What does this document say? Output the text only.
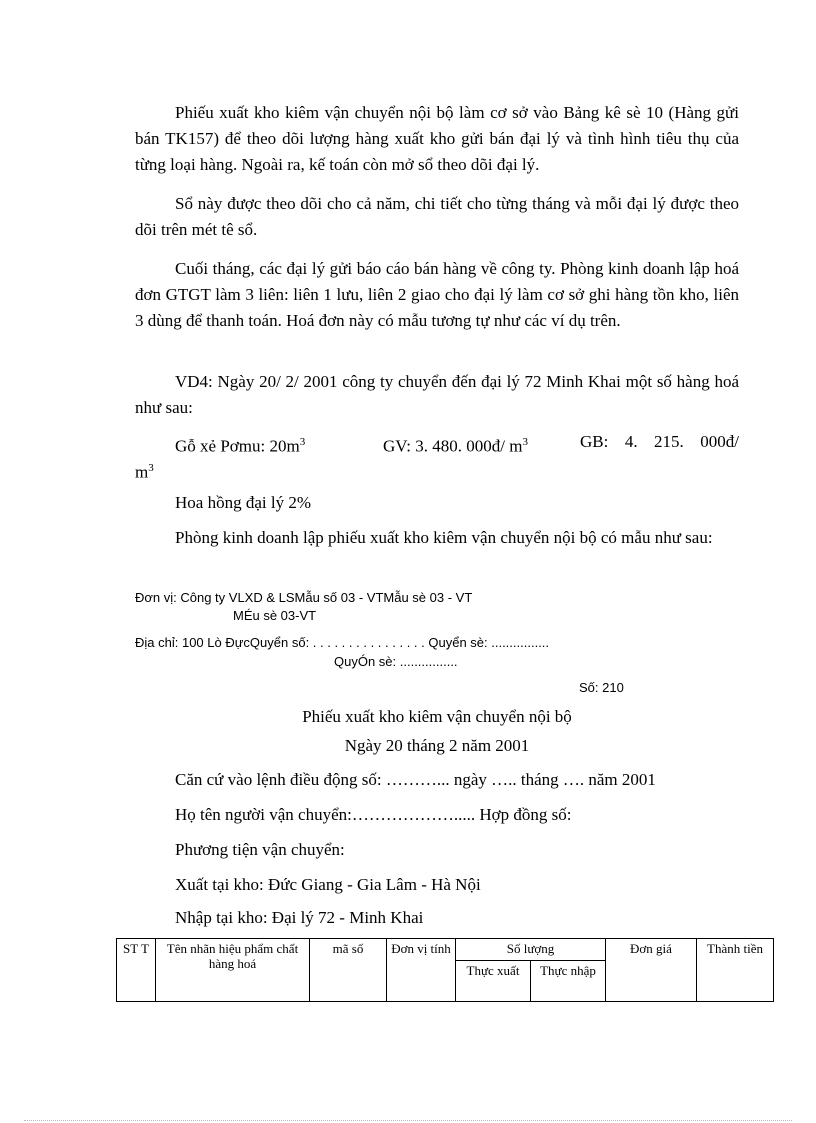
Phiếu xuất kho kiêm vận chuyển nội bộ làm cơ sở vào Bảng kê sè 10 (Hàng gửi bán TK157) để theo dõi lượng hàng xuất kho gửi bán đại lý và tình hình tiêu thụ của từng loại hàng. Ngoài ra, kế toán còn mở sổ theo dõi đại lý.
Sổ này được theo dõi cho cả năm, chi tiết cho từng tháng và mỗi đại lý được theo dõi trên mét tê sổ.
Cuối tháng, các đại lý gửi báo cáo bán hàng về công ty. Phòng kinh doanh lập hoá đơn GTGT làm 3 liên: liên 1 lưu, liên 2 giao cho đại lý làm cơ sở ghi hàng tồn kho, liên 3 dùng để thanh toán. Hoá đơn này có mẫu tương tự như các ví dụ trên.
VD4: Ngày 20/ 2/ 2001 công ty chuyển đến đại lý 72 Minh Khai một số hàng hoá như sau:
Gỗ xẻ Pơmu: $20m^3$	GV: 3. 480. 000đ/ $m^3$	GB: 4. 215. 000đ/
$m^3$
Hoa hồng đại lý 2%
Phòng kinh doanh lập phiếu xuất kho kiêm vận chuyển nội bộ có mẫu như sau:
Đơn vị: Công ty VLXD & LSMẫu số 03 - VTMẫu sè 03 - VT
MÉu sè 03-VT
Địa chỉ: 100 Lò ĐựcQuyển số: . . . . . . . . . . . . . . . . Quyển sè: ................
QuyÓn sè: ................
Số: 210
Phiếu xuất kho kiêm vận chuyển nội bộ
Ngày 20 tháng 2 năm 2001
Căn cứ vào lệnh điều động số: ………... ngày ….. tháng …. năm 2001
Họ tên người vận chuyển:………………..... Hợp đồng số:
Phương tiện vận chuyển:
Xuất tại kho: Đức Giang - Gia Lâm - Hà Nội
Nhập tại kho: Đại lý 72 - Minh Khai
ST T	Tên nhãn hiệu phẩm chất hàng hoá	mã số	Đơn vị tính	Số lượng		Đơn giá	Thành tiền
				Thực xuất	Thực nhập		
